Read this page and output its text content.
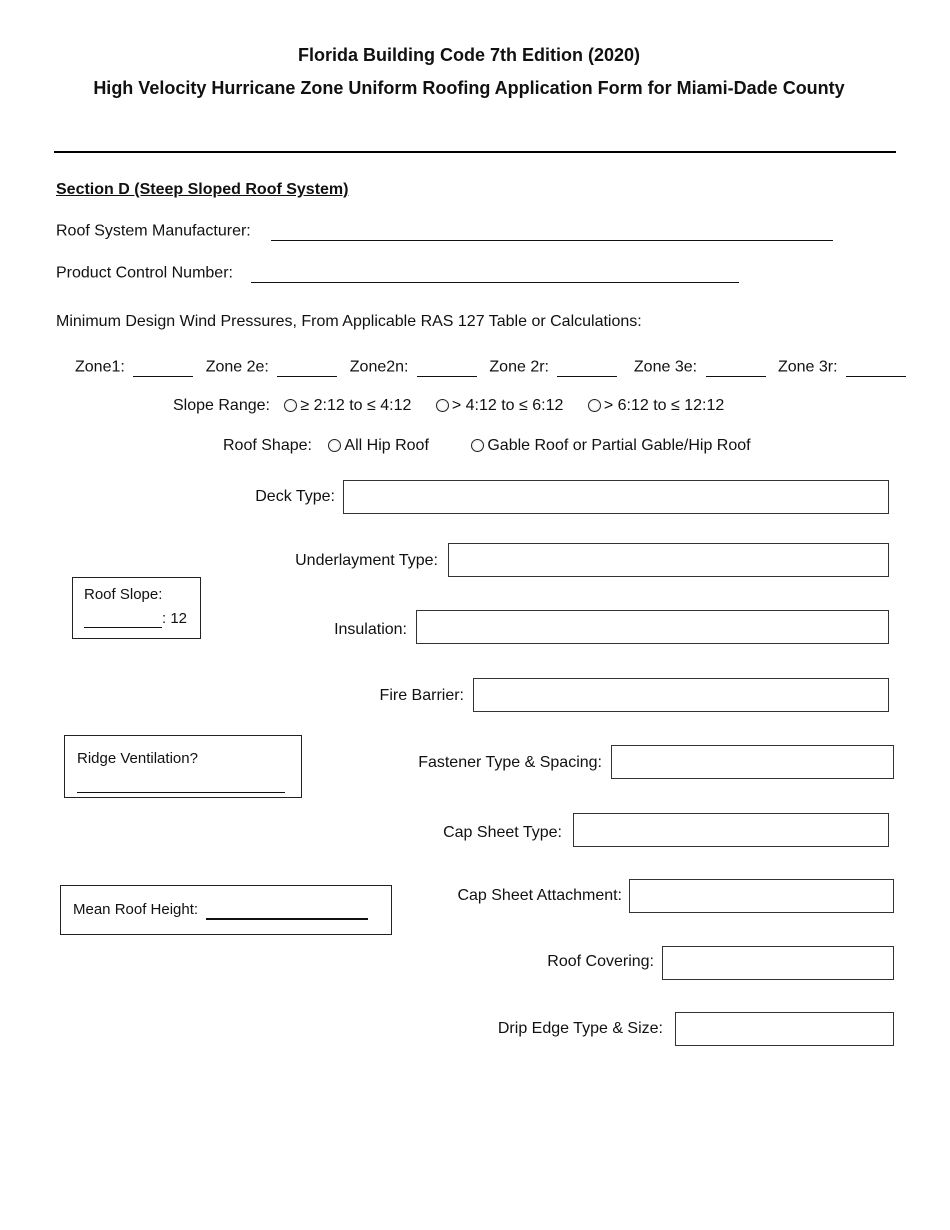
Florida Building Code 7th Edition (2020)
High Velocity Hurricane Zone Uniform Roofing Application Form for Miami-Dade County
Section D (Steep Sloped Roof System)
Roof System Manufacturer:
Product Control Number:
Minimum Design Wind Pressures, From Applicable RAS 127 Table or Calculations:
Zone1:	Zone 2e:	Zone2n:	Zone 2r:	Zone 3e:	Zone 3r:
Slope Range: ≥ 2:12 to ≤ 4:12	> 4:12 to ≤ 6:12	> 6:12 to ≤ 12:12
Roof Shape: All Hip Roof	Gable Roof or Partial Gable/Hip Roof
Deck Type:
Underlayment Type:
Insulation:
Fire Barrier:
Fastener Type & Spacing:
Cap Sheet Type:
Cap Sheet Attachment:
Roof Covering:
Drip Edge Type & Size:
Roof Slope:
: 12
Ridge Ventilation?
Mean Roof Height:
